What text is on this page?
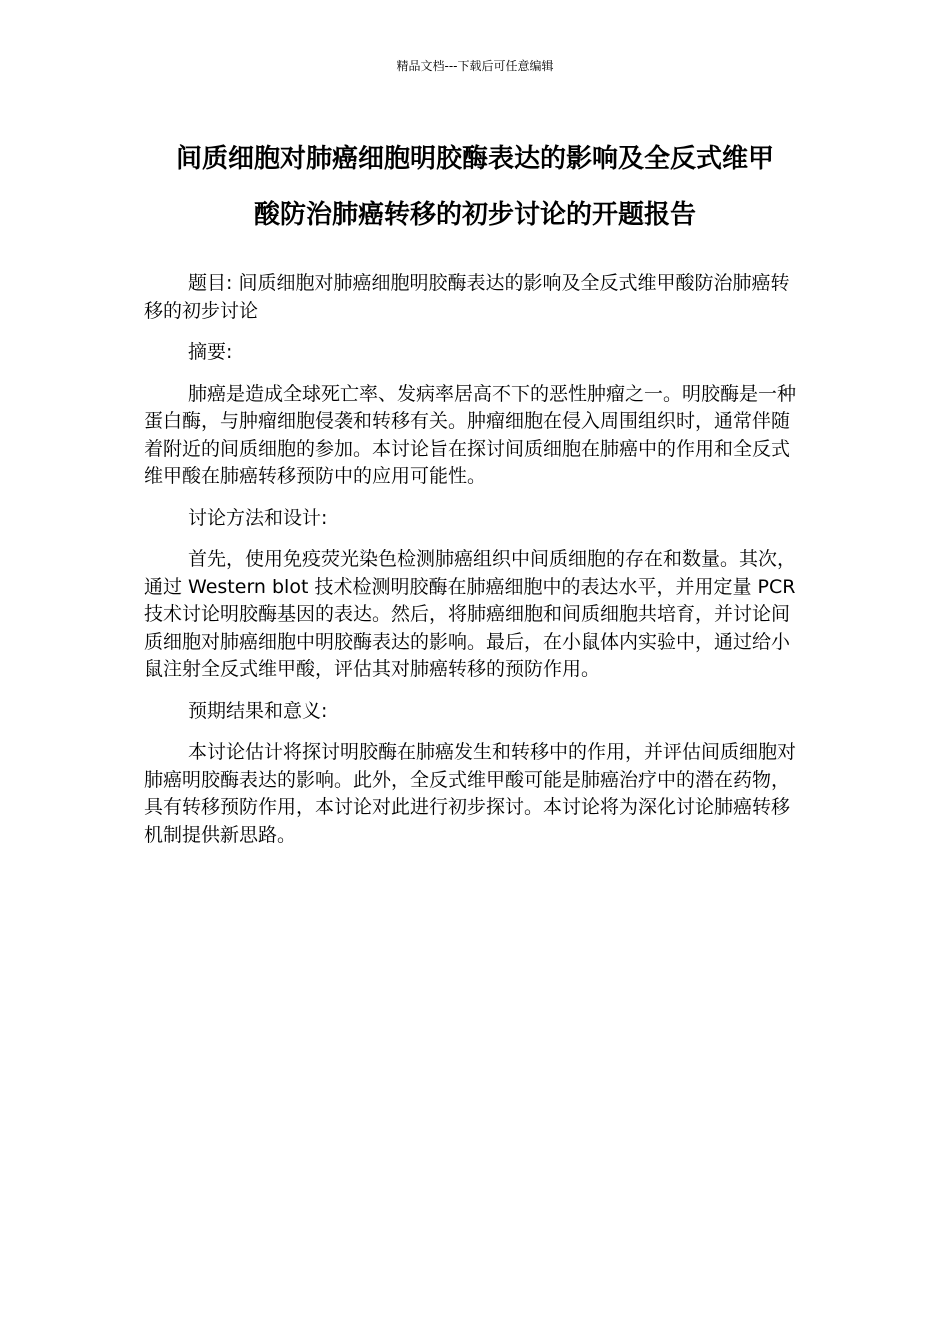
精品文档---下载后可任意编辑
间质细胞对肺癌细胞明胶酶表达的影响及全反式维甲
酸防治肺癌转移的初步讨论的开题报告

题目: 间质细胞对肺癌细胞明胶酶表达的影响及全反式维甲酸防治肺癌转移的初步讨论

摘要:

肺癌是造成全球死亡率、发病率居高不下的恶性肿瘤之一。明胶酶是一种蛋白酶，与肿瘤细胞侵袭和转移有关。肿瘤细胞在侵入周围组织时，通常伴随着附近的间质细胞的参加。本讨论旨在探讨间质细胞在肺癌中的作用和全反式维甲酸在肺癌转移预防中的应用可能性。

讨论方法和设计:

首先，使用免疫荧光染色检测肺癌组织中间质细胞的存在和数量。其次，通过 Western blot 技术检测明胶酶在肺癌细胞中的表达水平，并用定量 PCR 技术讨论明胶酶基因的表达。然后，将肺癌细胞和间质细胞共培育，并讨论间质细胞对肺癌细胞中明胶酶表达的影响。最后，在小鼠体内实验中，通过给小鼠注射全反式维甲酸，评估其对肺癌转移的预防作用。

预期结果和意义:

本讨论估计将探讨明胶酶在肺癌发生和转移中的作用，并评估间质细胞对肺癌明胶酶表达的影响。此外，全反式维甲酸可能是肺癌治疗中的潜在药物，具有转移预防作用，本讨论对此进行初步探讨。本讨论将为深化讨论肺癌转移机制提供新思路。
